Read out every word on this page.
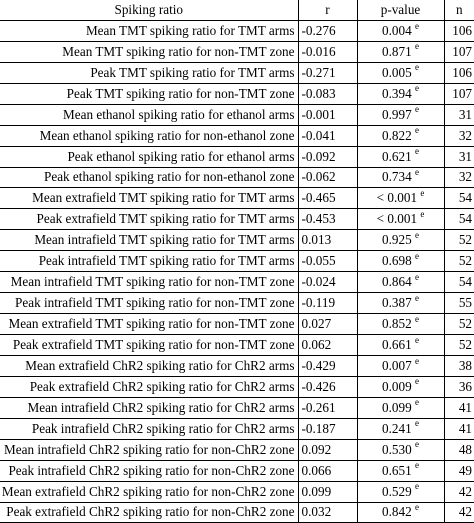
Spiking ratio	r	p-value	n
Mean TMT spiking ratio for TMT arms	-0.276	0.004 $^e$	106
Mean TMT spiking ratio for non-TMT zone	-0.016	0.871 $^e$	107
Peak TMT spiking ratio for TMT arms	-0.271	0.005 $^e$	106
Peak TMT spiking ratio for non-TMT zone	-0.083	0.394 $^e$	107
Mean ethanol spiking ratio for ethanol arms	-0.001	0.997 $^e$	31
Mean ethanol spiking ratio for non-ethanol zone	-0.041	0.822 $^e$	32
Peak ethanol spiking ratio for ethanol arms	-0.092	0.621 $^e$	31
Peak ethanol spiking ratio for non-ethanol zone	-0.062	0.734 $^e$	32
Mean extrafield TMT spiking ratio for TMT arms	-0.465	< 0.001 $^e$	54
Peak extrafield TMT spiking ratio for TMT arms	-0.453	< 0.001 $^e$	54
Mean intrafield TMT spiking ratio for TMT arms	0.013	0.925 $^e$	52
Peak intrafield TMT spiking ratio for TMT arms	-0.055	0.698 $^e$	52
Mean intrafield TMT spiking ratio for non-TMT zone	-0.024	0.864 $^e$	54
Peak intrafield TMT spiking ratio for non-TMT zone	-0.119	0.387 $^e$	55
Mean extrafield TMT spiking ratio for non-TMT zone	0.027	0.852 $^e$	52
Peak extrafield TMT spiking ratio for non-TMT zone	0.062	0.661 $^e$	52
Mean extrafield ChR2 spiking ratio for ChR2 arms	-0.429	0.007 $^e$	38
Peak extrafield ChR2 spiking ratio for ChR2 arms	-0.426	0.009 $^e$	36
Mean intrafield ChR2 spiking ratio for ChR2 arms	-0.261	0.099 $^e$	41
Peak intrafield ChR2 spiking ratio for ChR2 arms	-0.187	0.241 $^e$	41
Mean intrafield ChR2 spiking ratio for non-ChR2 zone	0.092	0.530 $^e$	48
Peak intrafield ChR2 spiking ratio for non-ChR2 zone	0.066	0.651 $^e$	49
Mean extrafield ChR2 spiking ratio for non-ChR2 zone	0.099	0.529 $^e$	42
Peak extrafield ChR2 spiking ratio for non-ChR2 zone	0.032	0.842 $^e$	42
